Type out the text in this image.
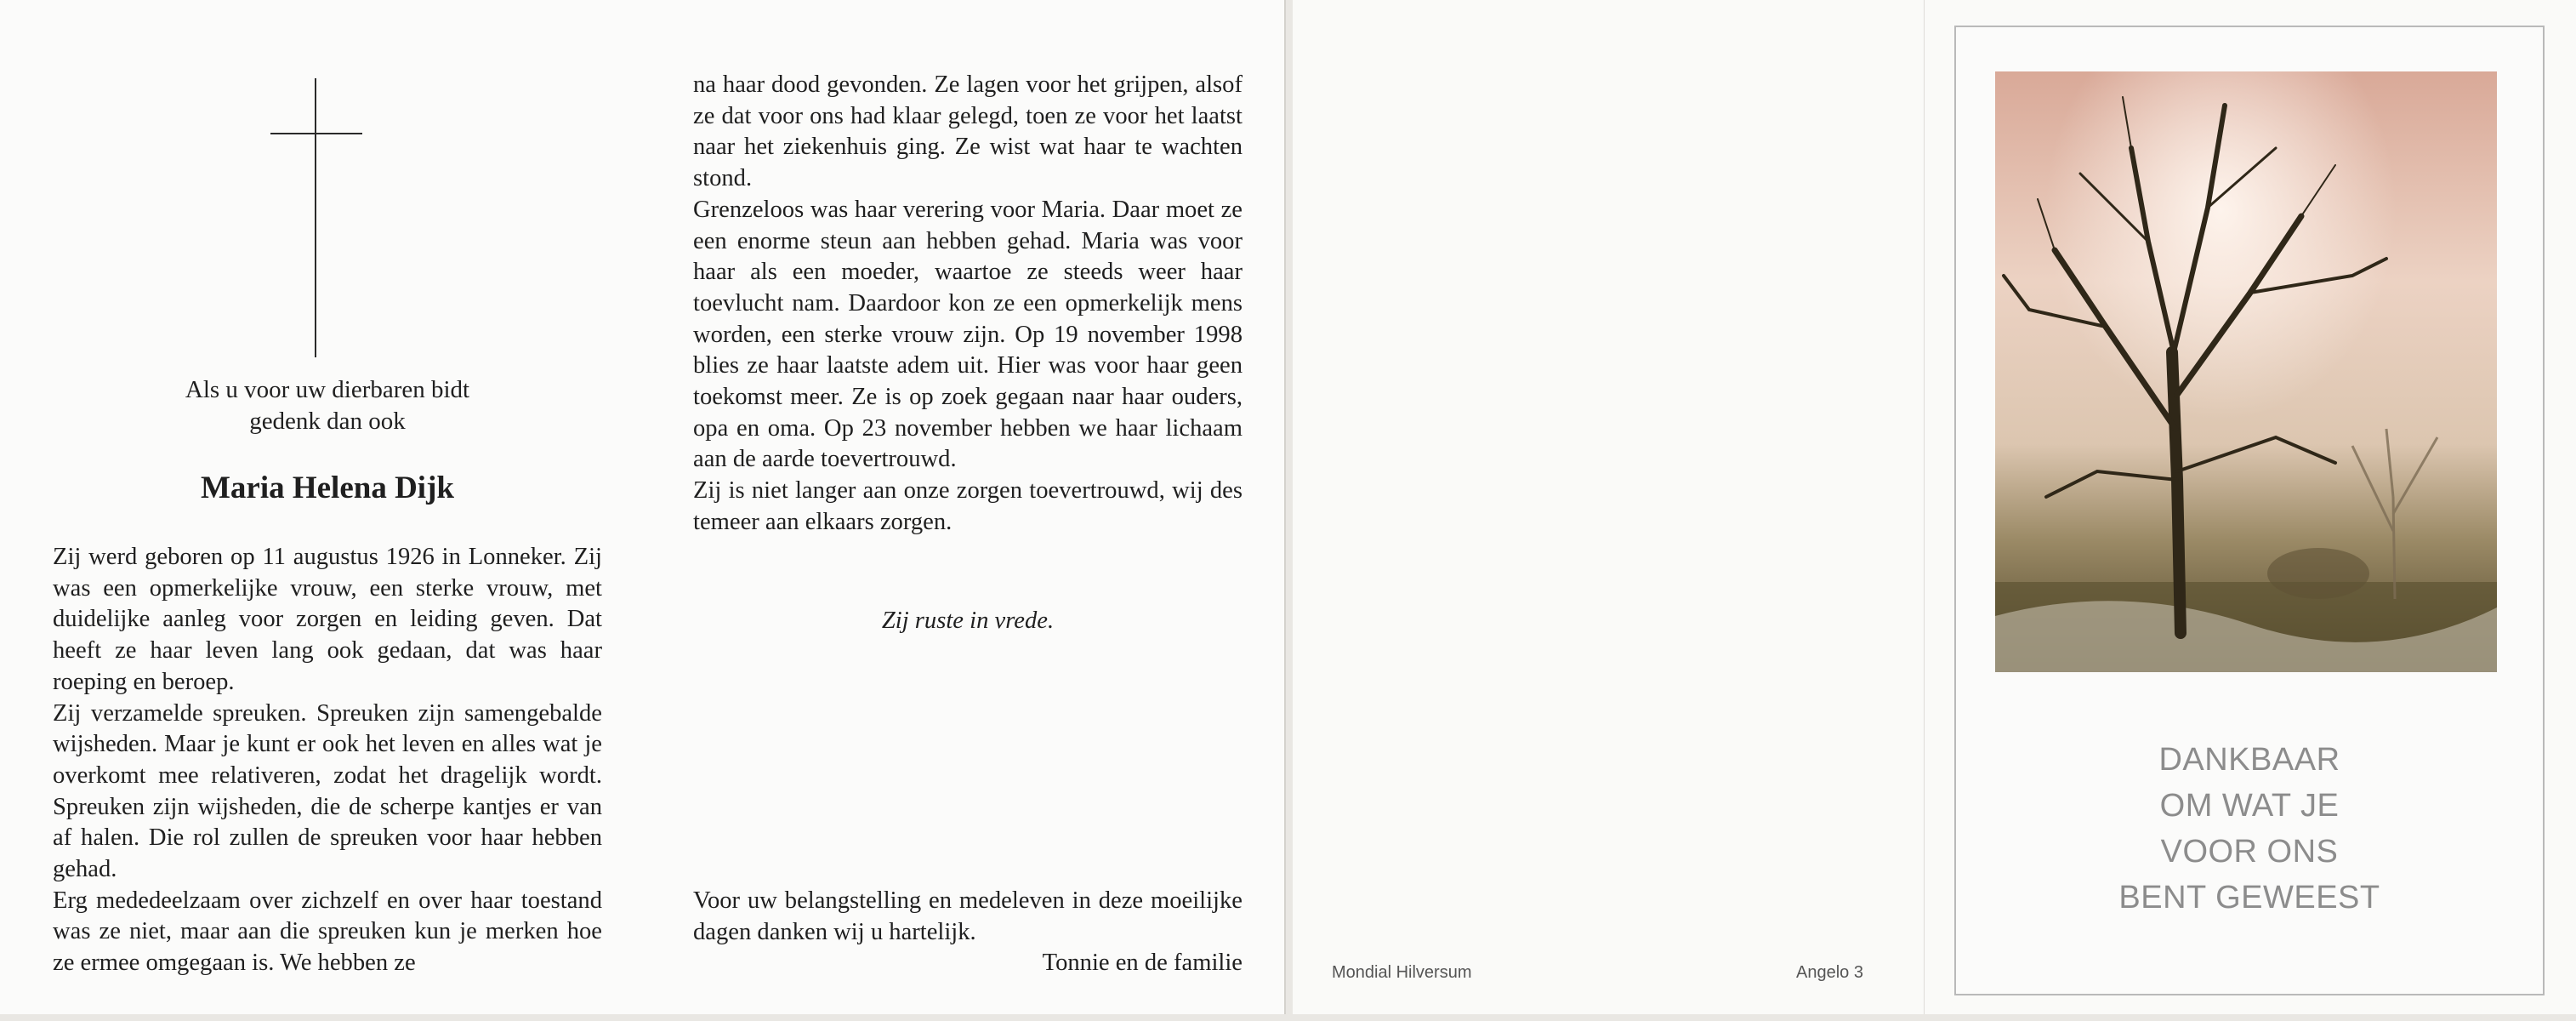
Als u voor uw dierbaren bidt
gedenk dan ook
Maria Helena Dijk

Zij werd geboren op 11 augustus 1926 in Lonneker. Zij was een opmerkelijke vrouw, een sterke vrouw, met duidelijke aanleg voor zorgen en leiding geven. Dat heeft ze haar leven lang ook gedaan, dat was haar roeping en beroep.

Zij verzamelde spreuken. Spreuken zijn samengebalde wijsheden. Maar je kunt er ook het leven en alles wat je overkomt mee relativeren, zodat het dragelijk wordt. Spreuken zijn wijsheden, die de scherpe kantjes er van af halen. Die rol zullen de spreuken voor haar hebben gehad.

Erg mededeelzaam over zichzelf en over haar toestand was ze niet, maar aan die spreuken kun je merken hoe ze ermee omgegaan is. We hebben ze

na haar dood gevonden. Ze lagen voor het grijpen, alsof ze dat voor ons had klaar gelegd, toen ze voor het laatst naar het ziekenhuis ging. Ze wist wat haar te wachten stond.

Grenzeloos was haar verering voor Maria. Daar moet ze een enorme steun aan hebben gehad. Maria was voor haar als een moeder, waartoe ze steeds weer haar toevlucht nam. Daardoor kon ze een opmerkelijk mens worden, een sterke vrouw zijn. Op 19 november 1998 blies ze haar laatste adem uit. Hier was voor haar geen toekomst meer. Ze is op zoek gegaan naar haar ouders, opa en oma. Op 23 november hebben we haar lichaam aan de aarde toevertrouwd.

Zij is niet langer aan onze zorgen toevertrouwd, wij des temeer aan elkaars zorgen.

Zij ruste in vrede.

Voor uw belangstelling en medeleven in deze moeilijke dagen danken wij u hartelijk.

Tonnie en de familie	Mondial Hilversum	Angelo 3
DANKBAAR
OM WAT JE
VOOR ONS
BENT GEWEEST
